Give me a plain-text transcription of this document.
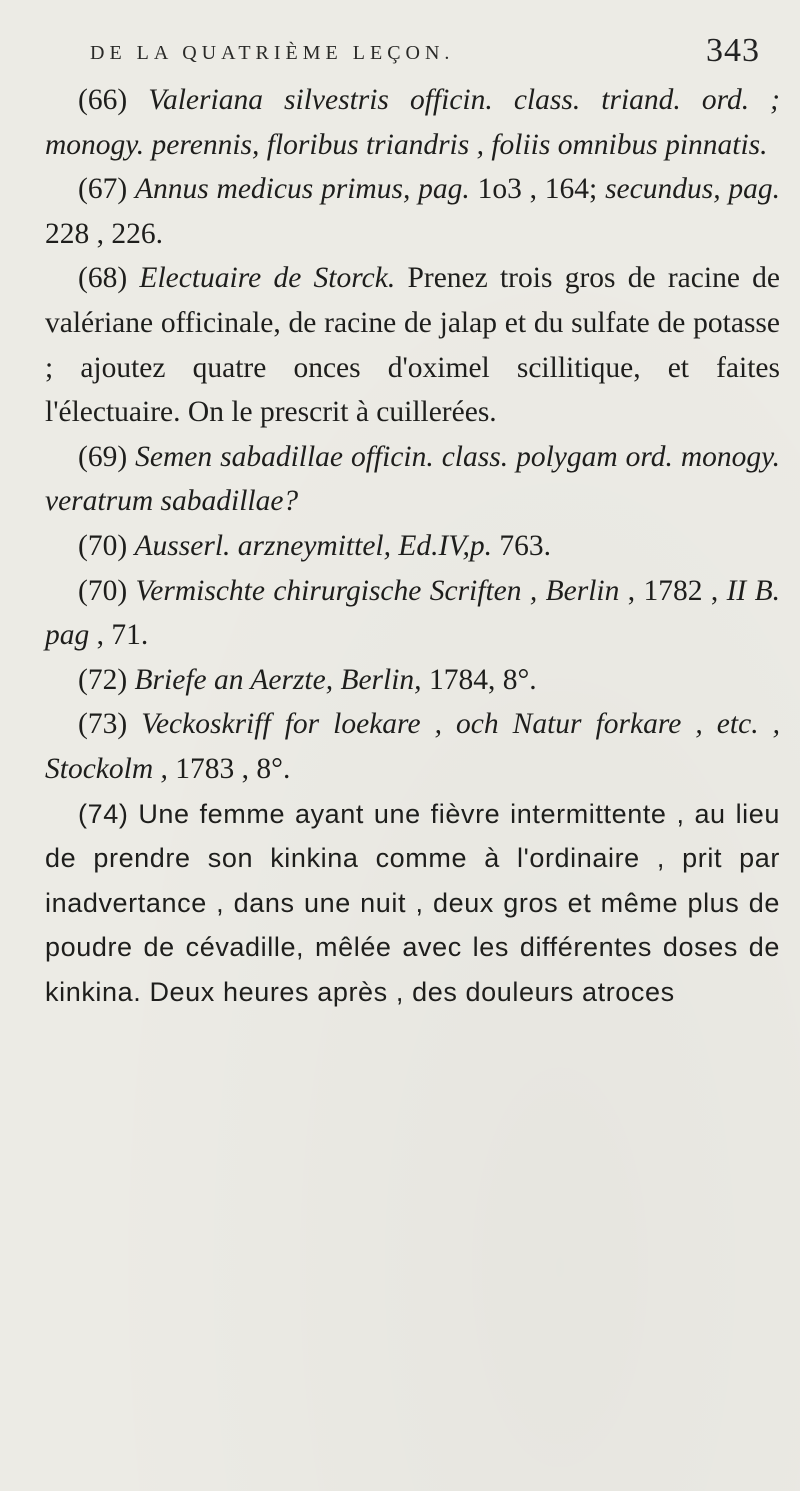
DE LA QUATRIÈME LEÇON.	343

(66) Valeriana silvestris officin. class. triand. ord. ; monogy. perennis, floribus triandris , foliis omnibus pinnatis.

(67) Annus medicus primus, pag. 1o3 , 164; secundus, pag. 228 , 226.

(68) Electuaire de Storck. Prenez trois gros de racine de valériane officinale, de racine de jalap et du sulfate de potasse ; ajoutez quatre onces d'oximel scillitique, et faites l'électuaire. On le prescrit à cuillerées.

(69) Semen sabadillae officin. class. polygam ord. monogy. veratrum sabadillae?

(70) Ausserl. arzneymittel, Ed.IV,p. 763.

(70) Vermischte chirurgische Scriften , Berlin , 1782 , II B. pag , 71.

(72) Briefe an Aerzte, Berlin, 1784, 8°.

(73) Veckoskriff for loekare , och Natur forkare , etc. , Stockolm , 1783 , 8°.

(74) Une femme ayant une fièvre intermittente , au lieu de prendre son kinkina comme à l'ordinaire , prit par inadvertance , dans une nuit , deux gros et même plus de poudre de cévadille, mêlée avec les différentes doses de kinkina. Deux heures après , des douleurs atroces
